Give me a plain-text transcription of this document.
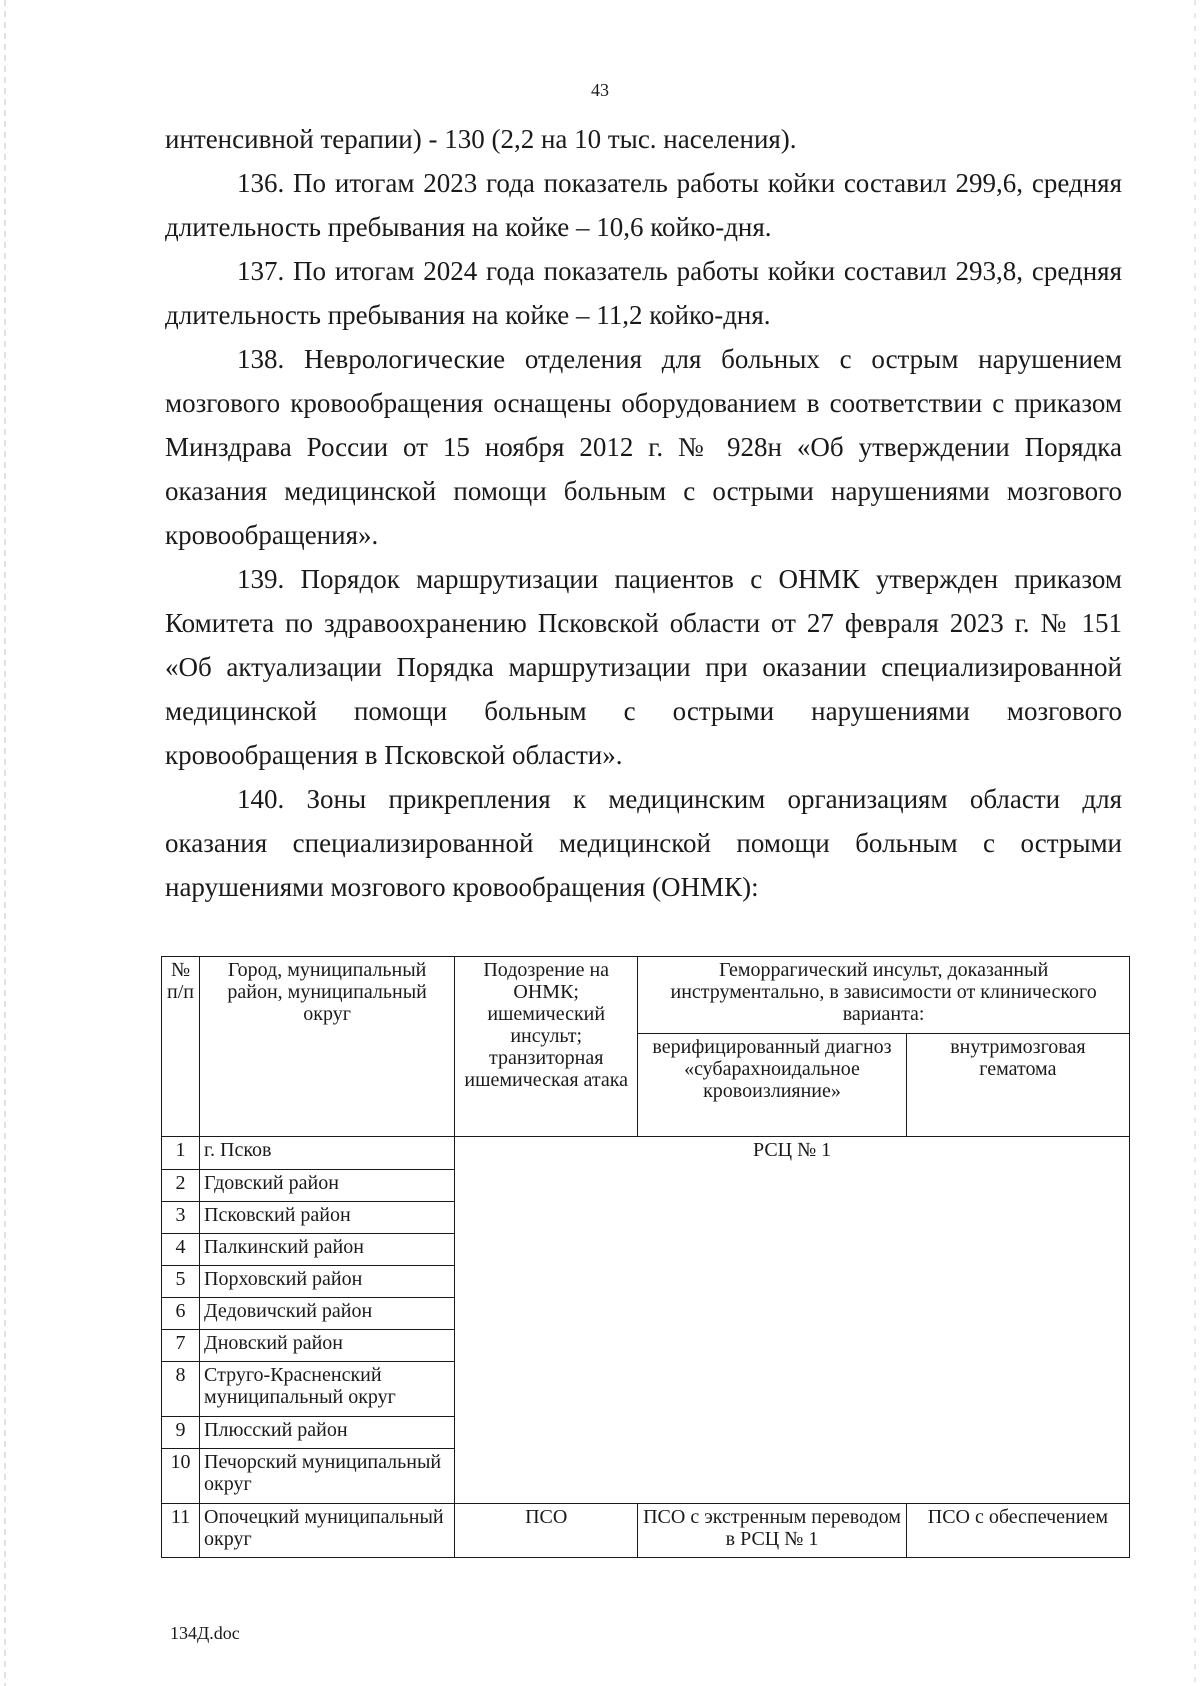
43

интенсивной терапии) - 130 (2,2 на 10 тыс. населения).

136. По итогам 2023 года показатель работы койки составил 299,6, средняя длительность пребывания на койке – 10,6 койко-дня.

137. По итогам 2024 года показатель работы койки составил 293,8, средняя длительность пребывания на койке – 11,2 койко-дня.

138. Неврологические отделения для больных с острым нарушением мозгового кровообращения оснащены оборудованием в соответствии с приказом Минздрава России от 15 ноября 2012 г. № 928н «Об утверждении Порядка оказания медицинской помощи больным с острыми нарушениями мозгового кровообращения».

139. Порядок маршрутизации пациентов с ОНМК утвержден приказом Комитета по здравоохранению Псковской области от 27 февраля 2023 г. № 151 «Об актуализации Порядка маршрутизации при оказании специализированной медицинской помощи больным с острыми нарушениями мозгового кровообращения в Псковской области».

140. Зоны прикрепления к медицинским организациям области для оказания специализированной медицинской помощи больным с острыми нарушениями мозгового кровообращения (ОНМК):

№ п/п	Город, муниципальный район, муниципальный округ	Подозрение на ОНМК; ишемический инсульт; транзиторная ишемическая атака	Геморрагический инсульт, доказанный инструментально, в зависимости от клинического варианта:	
			верифицированный диагноз «субарахноидальное кровоизлияние»	внутримозговая гематома
1	г. Псков	РСЦ № 1		
2	Гдовский район			
3	Псковский район			
4	Палкинский район			
5	Порховский район			
6	Дедовичский район			
7	Дновский район			
8	Струго-Красненский муниципальный округ			
9	Плюсский район			
10	Печорский муниципальный округ			
11	Опочецкий муниципальный округ	ПСО	ПСО с экстренным переводом в РСЦ № 1	ПСО с обеспечением
134Д.doc
